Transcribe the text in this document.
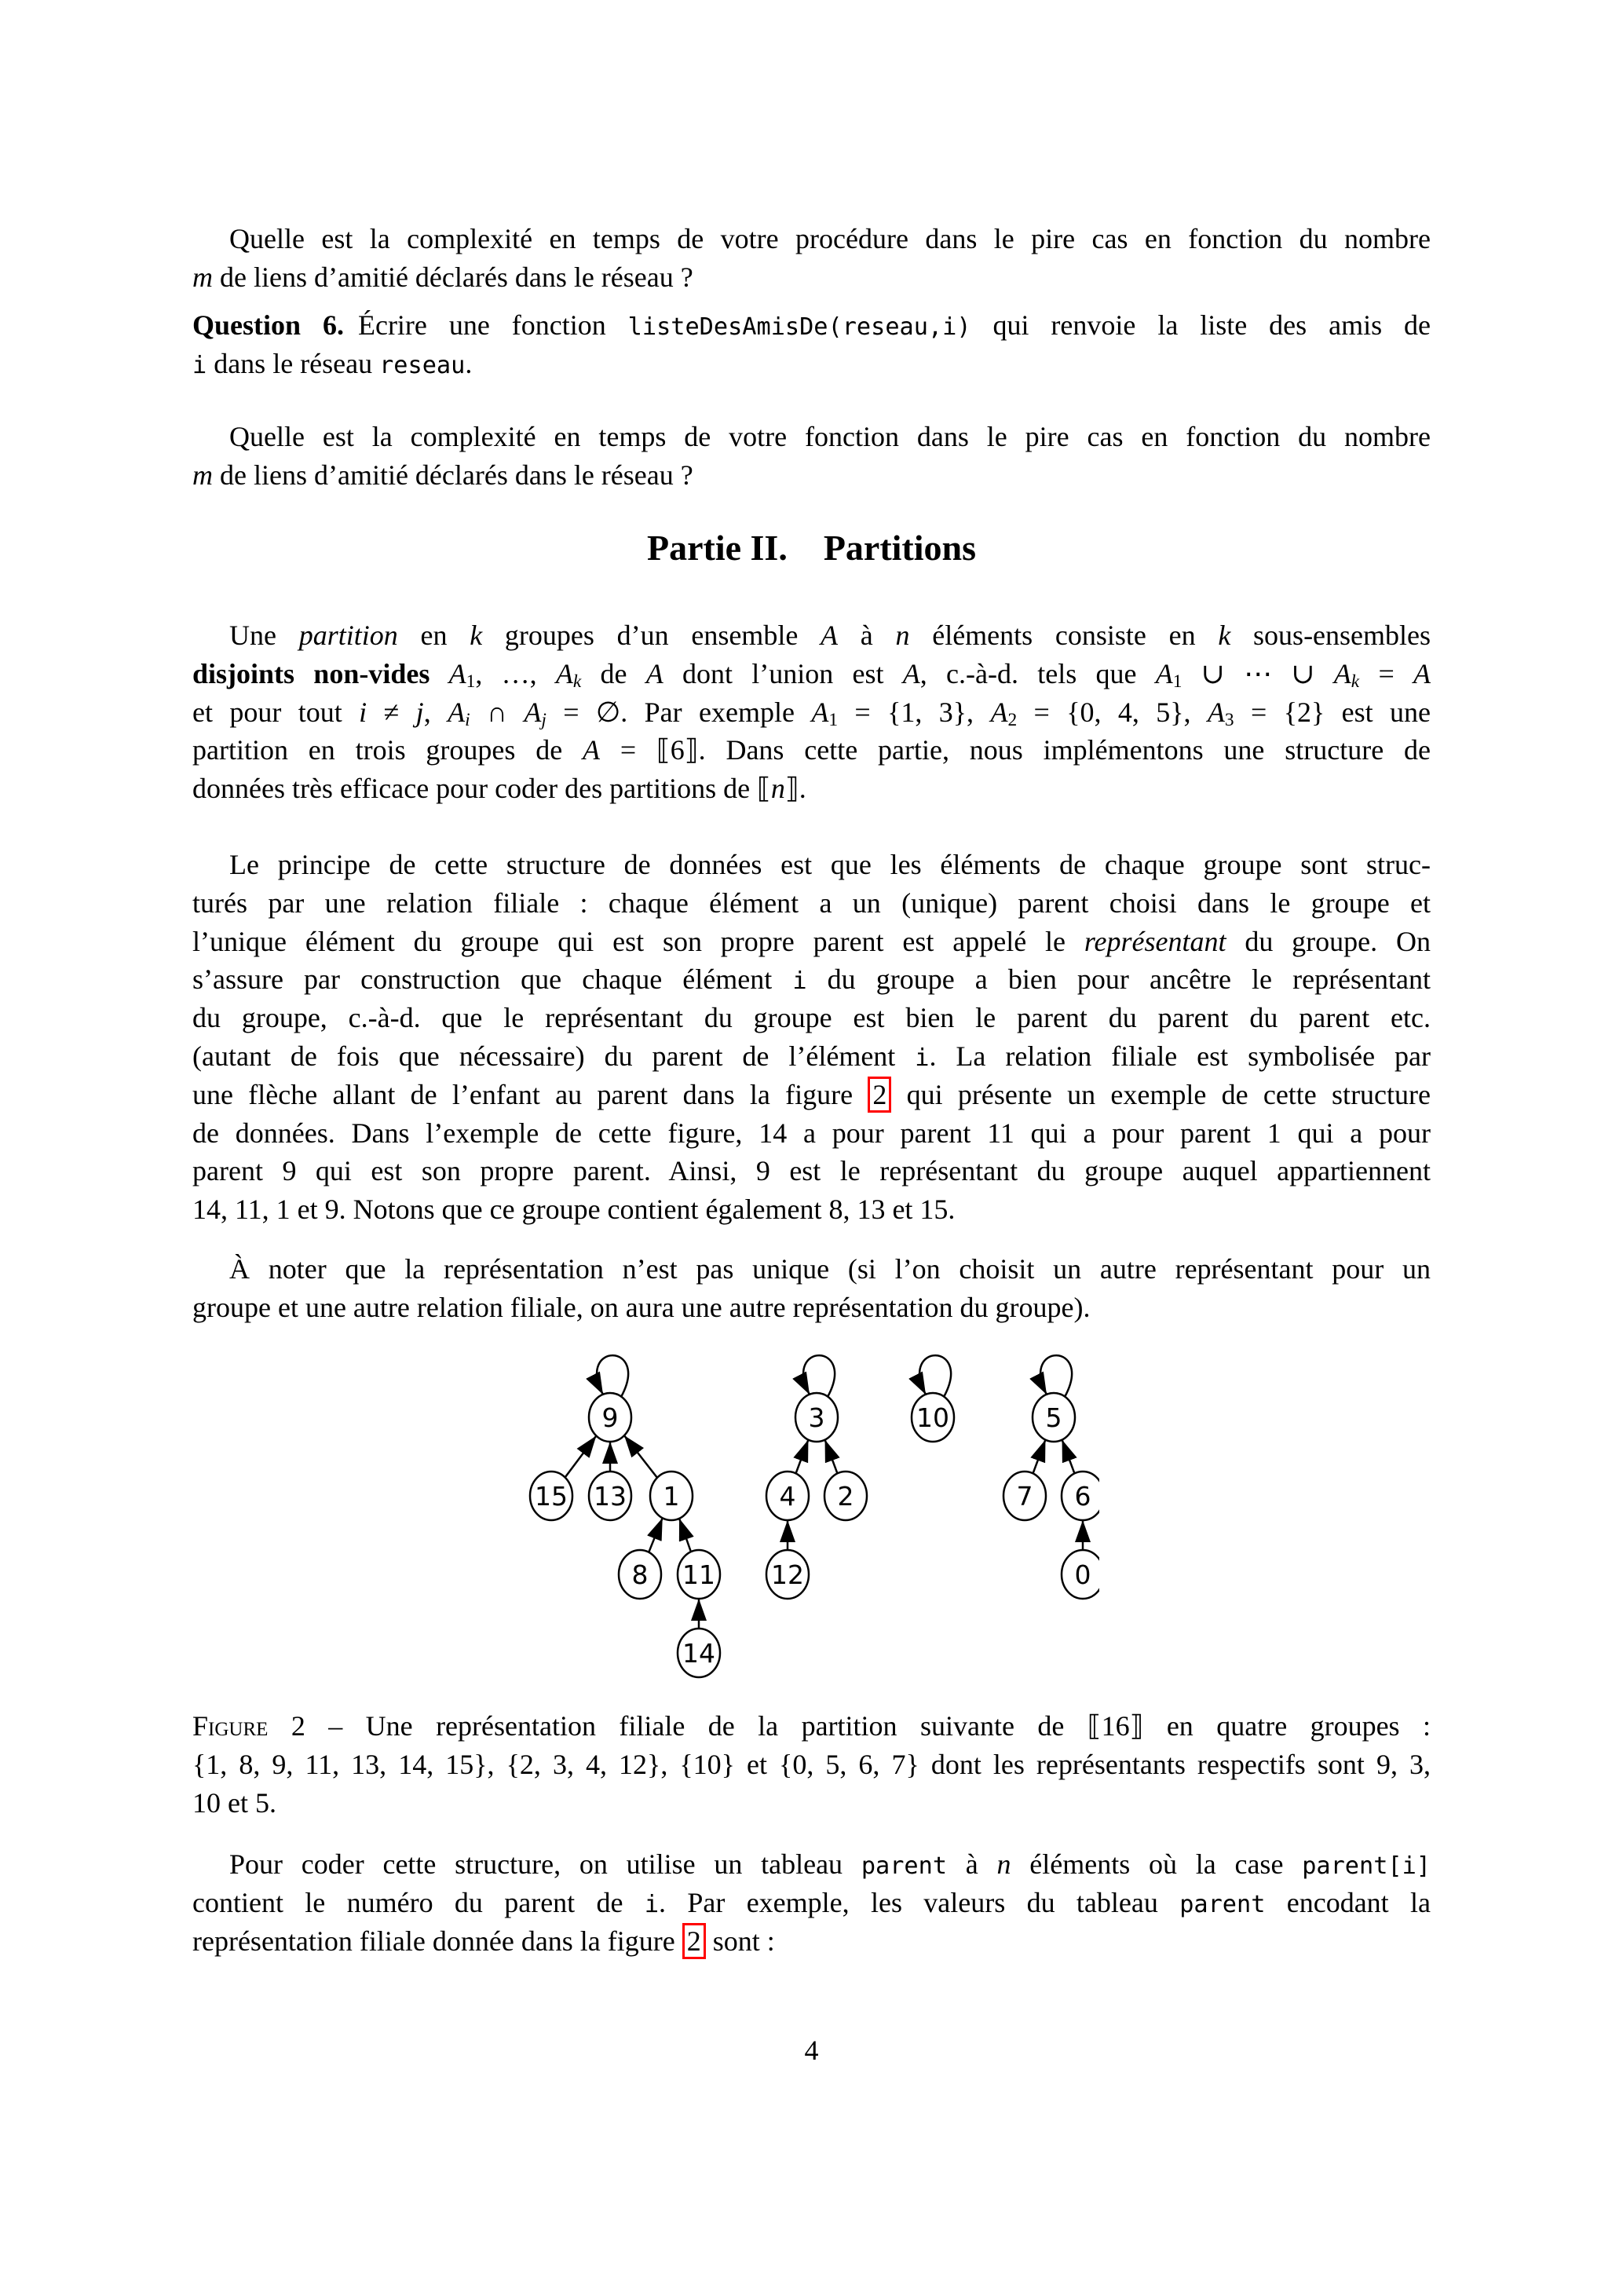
Quelle est la complexité en temps de votre procédure dans le pire cas en fonction du nombre
m de liens d’amitié déclarés dans le réseau ?
Question 6. Écrire une fonction listeDesAmisDe(reseau,i) qui renvoie la liste des amis de
i dans le réseau reseau.
Quelle est la complexité en temps de votre fonction dans le pire cas en fonction du nombre
m de liens d’amitié déclarés dans le réseau ?
Partie II. Partitions
Une partition en k groupes d’un ensemble A à n éléments consiste en k sous-ensembles
disjoints non-vides A1, …, Ak de A dont l’union est A, c.-à-d. tels que A1 ∪ ⋯ ∪ Ak = A
et pour tout i ≠ j, Ai ∩ Aj = ∅. Par exemple A1 = {1, 3}, A2 = {0, 4, 5}, A3 = {2} est une
partition en trois groupes de A = ⟦6⟧. Dans cette partie, nous implémentons une structure de
données très efficace pour coder des partitions de ⟦n⟧.
Le principe de cette structure de données est que les éléments de chaque groupe sont struc-
turés par une relation filiale : chaque élément a un (unique) parent choisi dans le groupe et
l’unique élément du groupe qui est son propre parent est appelé le représentant du groupe. On
s’assure par construction que chaque élément i du groupe a bien pour ancêtre le représentant
du groupe, c.-à-d. que le représentant du groupe est bien le parent du parent du parent etc.
(autant de fois que nécessaire) du parent de l’élément i. La relation filiale est symbolisée par
une flèche allant de l’enfant au parent dans la figure 2 qui présente un exemple de cette structure
de données. Dans l’exemple de cette figure, 14 a pour parent 11 qui a pour parent 1 qui a pour
parent 9 qui est son propre parent. Ainsi, 9 est le représentant du groupe auquel appartiennent
14, 11, 1 et 9. Notons que ce groupe contient également 8, 13 et 15.
À noter que la représentation n’est pas unique (si l’on choisit un autre représentant pour un
groupe et une autre relation filiale, on aura une autre représentation du groupe).
9
15 13 1
8 11
14
3
4 2
12
10	5
7 6
0
Figure 2 – Une représentation filiale de la partition suivante de ⟦16⟧ en quatre groupes :
{1, 8, 9, 11, 13, 14, 15}, {2, 3, 4, 12}, {10} et {0, 5, 6, 7} dont les représentants respectifs sont 9, 3,
10 et 5.
Pour coder cette structure, on utilise un tableau parent à n éléments où la case parent[i]
contient le numéro du parent de i. Par exemple, les valeurs du tableau parent encodant la
représentation filiale donnée dans la figure 2 sont :
4
